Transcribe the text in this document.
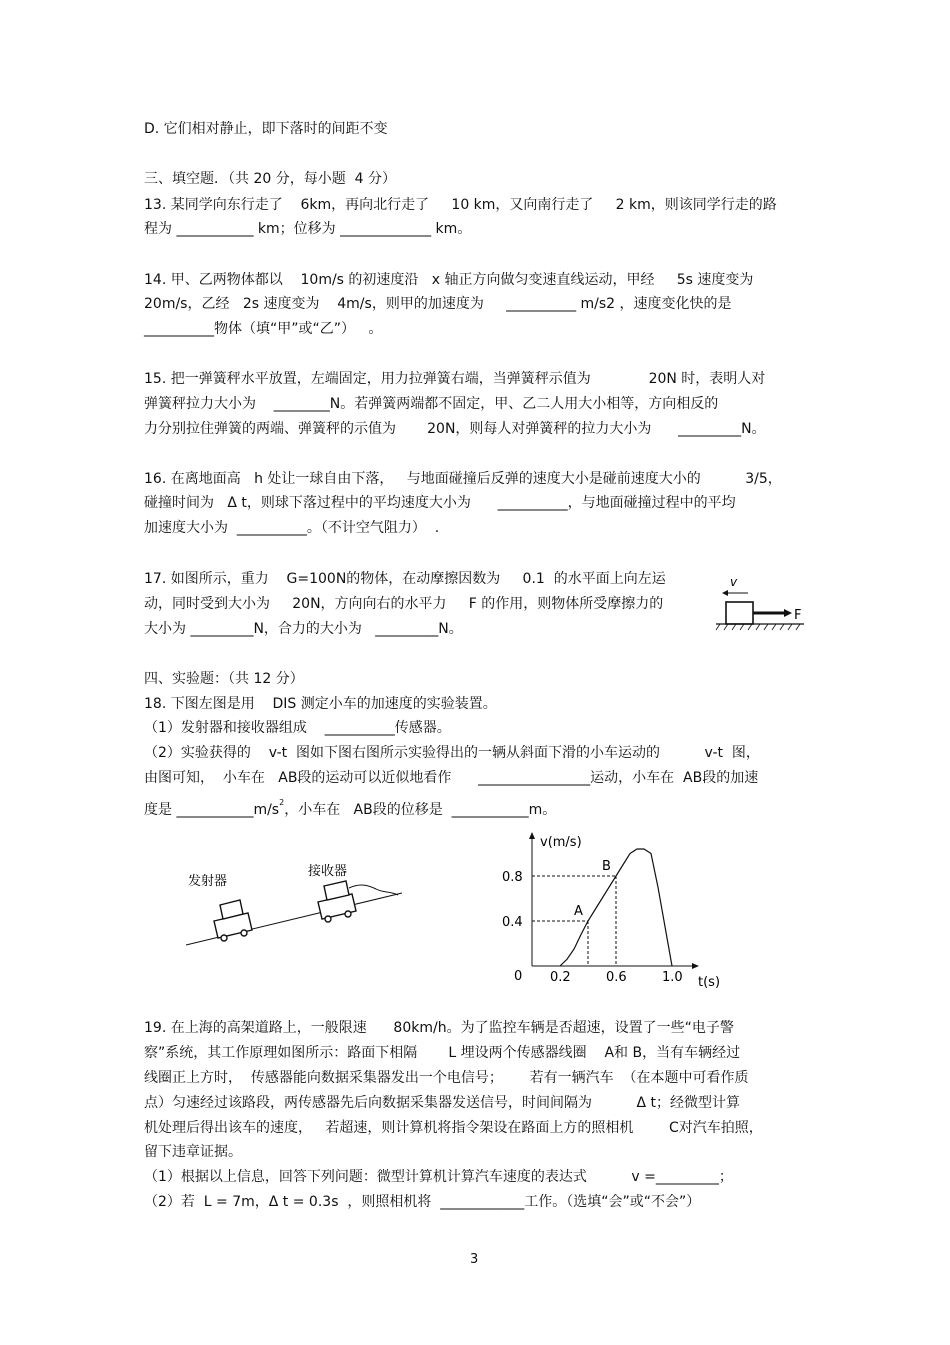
D. 它们相对静止，即下落时的间距不变
三、填空题．（共 20 分，每小题  4 分）
13. 某同学向东行走了    6km，再向北行走了     10 km，又向南行走了     2 km，则该同学行走的路
程为 ___________ km；位移为 _____________ km。
14. 甲、乙两物体都以    10m/s 的初速度沿   x 轴正方向做匀变速直线运动，甲经     5s 速度变为
20m/s，乙经   2s 速度变为    4m/s，则甲的加速度为     __________ m/s2 ，速度变化快的是
__________物体（填“甲”或“乙”）   。
15. 把一弹簧秤水平放置，左端固定，用力拉弹簧右端，当弹簧秤示值为             20N 时，表明人对
弹簧秤拉力大小为    ________N。若弹簧两端都不固定，甲、乙二人用大小相等，方向相反的
力分别拉住弹簧的两端、弹簧秤的示值为       20N，则每人对弹簧秤的拉力大小为      _________N。
16. 在离地面高   h 处让一球自由下落，   与地面碰撞后反弹的速度大小是碰前速度大小的          3/5，
碰撞时间为   Δ t，则球下落过程中的平均速度大小为      __________，与地面碰撞过程中的平均
加速度大小为  __________。（不计空气阻力）  .
17. 如图所示，重力    G=100N的物体，在动摩擦因数为     0.1  的水平面上向左运
动，同时受到大小为     20N，方向向右的水平力     F 的作用，则物体所受摩擦力的
大小为 _________N，合力的大小为   _________N。
v
F
四、实验题：（共 12 分）
18. 下图左图是用    DIS 测定小车的加速度的实验装置。
（1）发射器和接收器组成    __________传感器。
（2）实验获得的    v-t  图如下图右图所示实验得出的一辆从斜面下滑的小车运动的          v-t  图，
由图可知，  小车在   AB段的运动可以近似地看作      ________________运动，小车在  AB段的加速
度是 $\_\_\_\_\_\_\_\_\_\_\_m/s^2$，小车在   AB段的位移是  ___________m。
发射器
接收器
v(m/s)
t(s)
0 0.2	0.6	1.0
0.4
0.8
A
B
19. 在上海的高架道路上，一般限速      80km/h。为了监控车辆是否超速，设置了一些“电子警
察”系统，其工作原理如图所示：路面下相隔       L 埋设两个传感器线圈    A和 B，当有车辆经过
线圈正上方时，  传感器能向数据采集器发出一个电信号；      若有一辆汽车  （在本题中可看作质
点）匀速经过该路段，两传感器先后向数据采集器发送信号，时间间隔为          Δ t；经微型计算
机处理后得出该车的速度，   若超速，则计算机将指令架设在路面上方的照相机        C对汽车拍照，
留下违章证据。
（1）根据以上信息，回答下列问题：微型计算机计算汽车速度的表达式          v =_________；
（2）若  L = 7m，Δ t = 0.3s  ，则照相机将  ____________工作。（选填“会”或“不会”）
3
